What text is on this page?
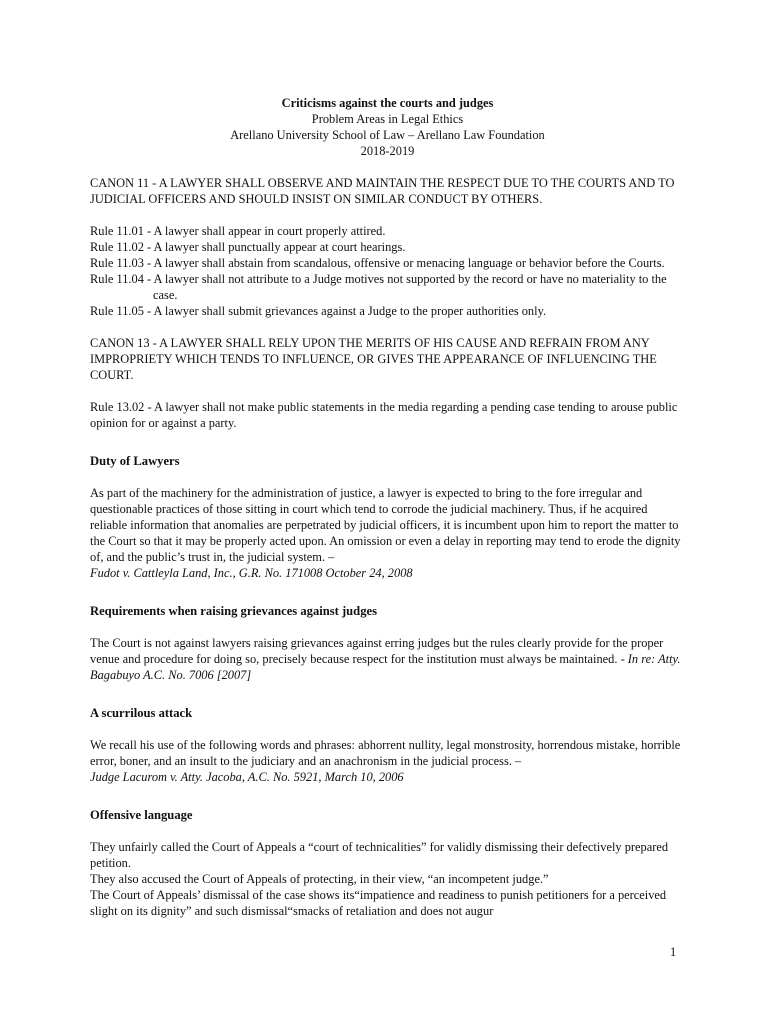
Criticisms against the courts and judges
Problem Areas in Legal Ethics
Arellano University School of Law – Arellano Law Foundation
2018-2019

CANON 11 - A LAWYER SHALL OBSERVE AND MAINTAIN THE RESPECT DUE TO THE COURTS AND TO JUDICIAL OFFICERS AND SHOULD INSIST ON SIMILAR CONDUCT BY OTHERS.

Rule 11.01 - A lawyer shall appear in court properly attired.

Rule 11.02 - A lawyer shall punctually appear at court hearings.

Rule 11.03 - A lawyer shall abstain from scandalous, offensive or menacing language or behavior before the Courts.

Rule 11.04 - A lawyer shall not attribute to a Judge motives not supported by the record or have no materiality to the case.

Rule 11.05 - A lawyer shall submit grievances against a Judge to the proper authorities only.

CANON 13 - A LAWYER SHALL RELY UPON THE MERITS OF HIS CAUSE AND REFRAIN FROM ANY IMPROPRIETY WHICH TENDS TO INFLUENCE, OR GIVES THE APPEARANCE OF INFLUENCING THE COURT.

Rule 13.02 - A lawyer shall not make public statements in the media regarding a pending case tending to arouse public opinion for or against a party.

Duty of Lawyers

As part of the machinery for the administration of justice, a lawyer is expected to bring to the fore irregular and questionable practices of those sitting in court which tend to corrode the judicial machinery. Thus, if he acquired reliable information that anomalies are perpetrated by judicial officers, it is incumbent upon him to report the matter to the Court so that it may be properly acted upon. An omission or even a delay in reporting may tend to erode the dignity of, and the public’s trust in, the judicial system. –
Fudot v. Cattleyla Land, Inc., G.R. No. 171008 October 24, 2008

Requirements when raising grievances against judges

The Court is not against lawyers raising grievances against erring judges but the rules clearly provide for the proper venue and procedure for doing so, precisely because respect for the institution must always be maintained. - In re: Atty. Bagabuyo A.C. No. 7006 [2007]

A scurrilous attack

We recall his use of the following words and phrases: abhorrent nullity, legal monstrosity, horrendous mistake, horrible error, boner, and an insult to the judiciary and an anachronism in the judicial process. –
Judge Lacurom v. Atty. Jacoba, A.C. No. 5921, March 10, 2006

Offensive language

They unfairly called the Court of Appeals a “court of technicalities” for validly dismissing their defectively prepared petition.

They also accused the Court of Appeals of protecting, in their view, “an incompetent judge.”

The Court of Appeals’ dismissal of the case shows its“impatience and readiness to punish petitioners for a perceived slight on its dignity” and such dismissal“smacks of retaliation and does not augur

1
